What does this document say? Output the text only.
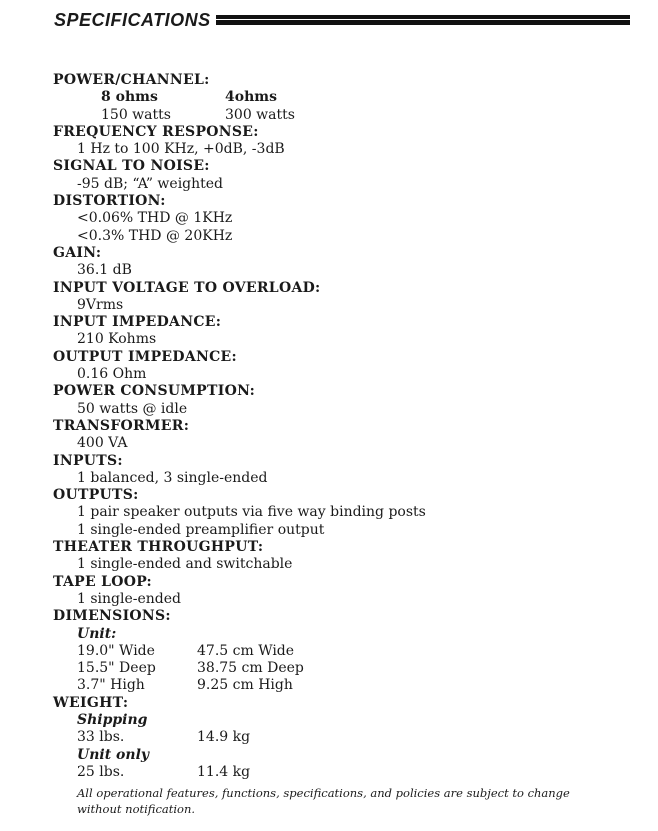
SPECIFICATIONS
POWER/CHANNEL:
8 ohms	4ohms
150 watts	300 watts
FREQUENCY RESPONSE:
1 Hz to 100 KHz, +0dB, -3dB
SIGNAL TO NOISE:
-95 dB; “A” weighted
DISTORTION:
<0.06% THD @ 1KHz
<0.3% THD @ 20KHz
GAIN:
36.1 dB
INPUT VOLTAGE TO OVERLOAD:
9Vrms
INPUT IMPEDANCE:
210 Kohms
OUTPUT IMPEDANCE:
0.16 Ohm
POWER CONSUMPTION:
50 watts @ idle
TRANSFORMER:
400 VA
INPUTS:
1 balanced, 3 single-ended
OUTPUTS:
1 pair speaker outputs via five way binding posts
1 single-ended preamplifier output
THEATER THROUGHPUT:
1 single-ended and switchable
TAPE LOOP:
1 single-ended
DIMENSIONS:
Unit:
19.0" Wide	47.5 cm Wide
15.5" Deep	38.75 cm Deep
3.7" High	9.25 cm High
WEIGHT:
Shipping
33 lbs.	14.9 kg
Unit only
25 lbs.	11.4 kg
All operational features, functions, specifications, and policies are subject to change without notification.
